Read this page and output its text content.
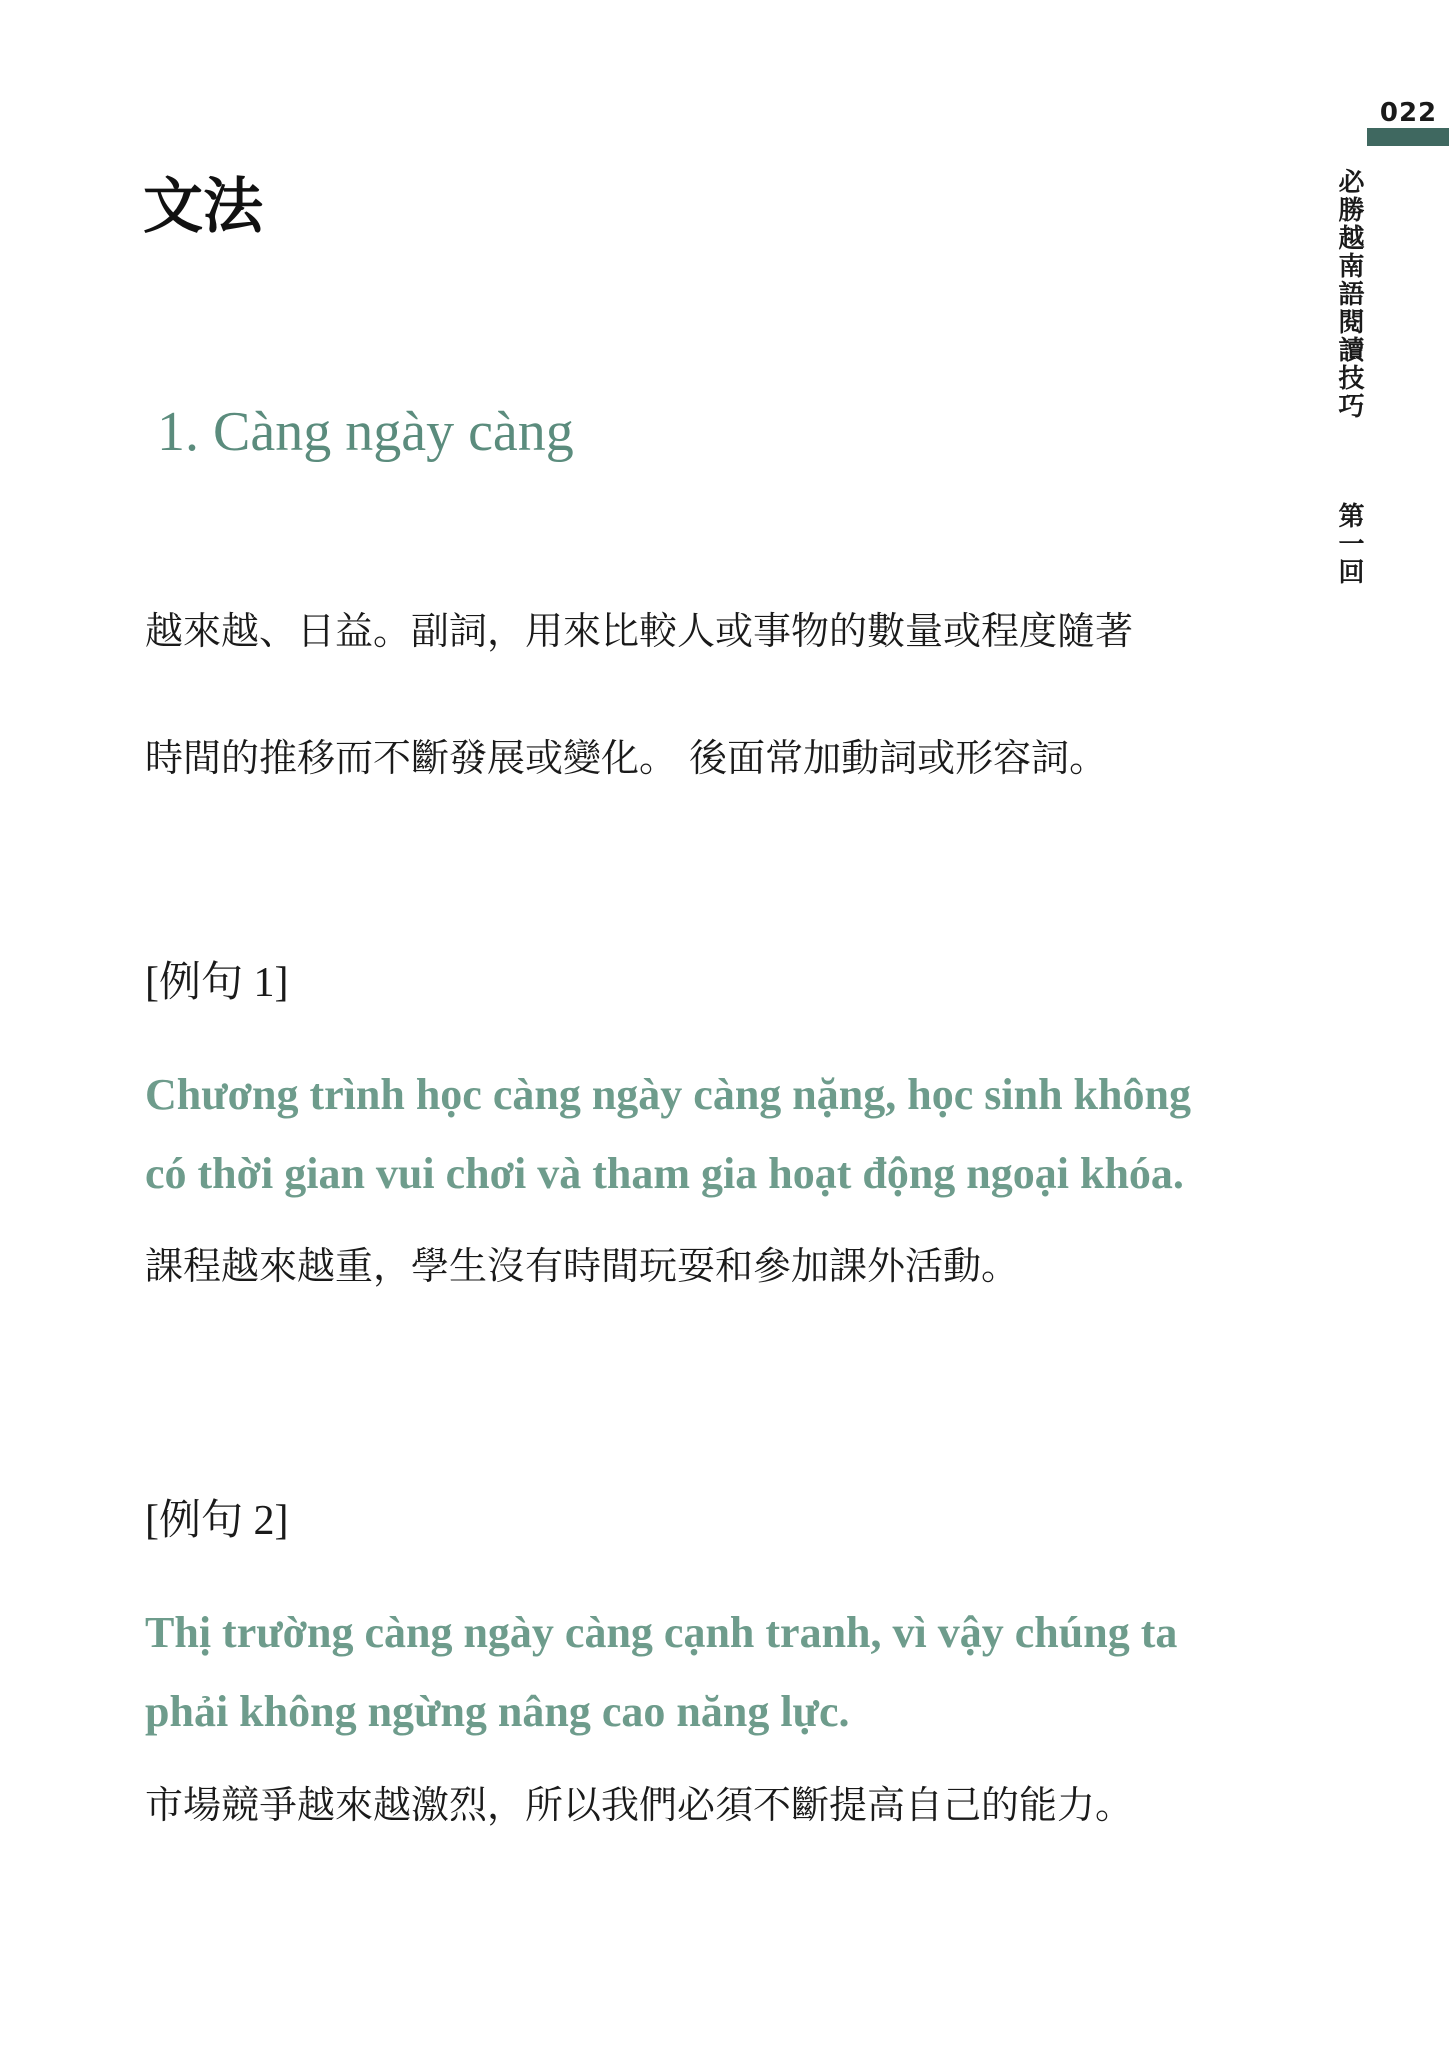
022
必勝越南語閱讀技巧
第一回
文法
1. Càng ngày càng

越來越、日益。副詞，用來比較人或事物的數量或程度隨著
時間的推移而不斷發展或變化。 後面常加動詞或形容詞。

[例句 1]

Chương trình học càng ngày càng nặng, học sinh không
có thời gian vui chơi và tham gia hoạt động ngoại khóa.

課程越來越重，學生沒有時間玩耍和參加課外活動。

[例句 2]

Thị trường càng ngày càng cạnh tranh, vì vậy chúng ta
phải không ngừng nâng cao năng lực.

市場競爭越來越激烈，所以我們必須不斷提高自己的能力。
